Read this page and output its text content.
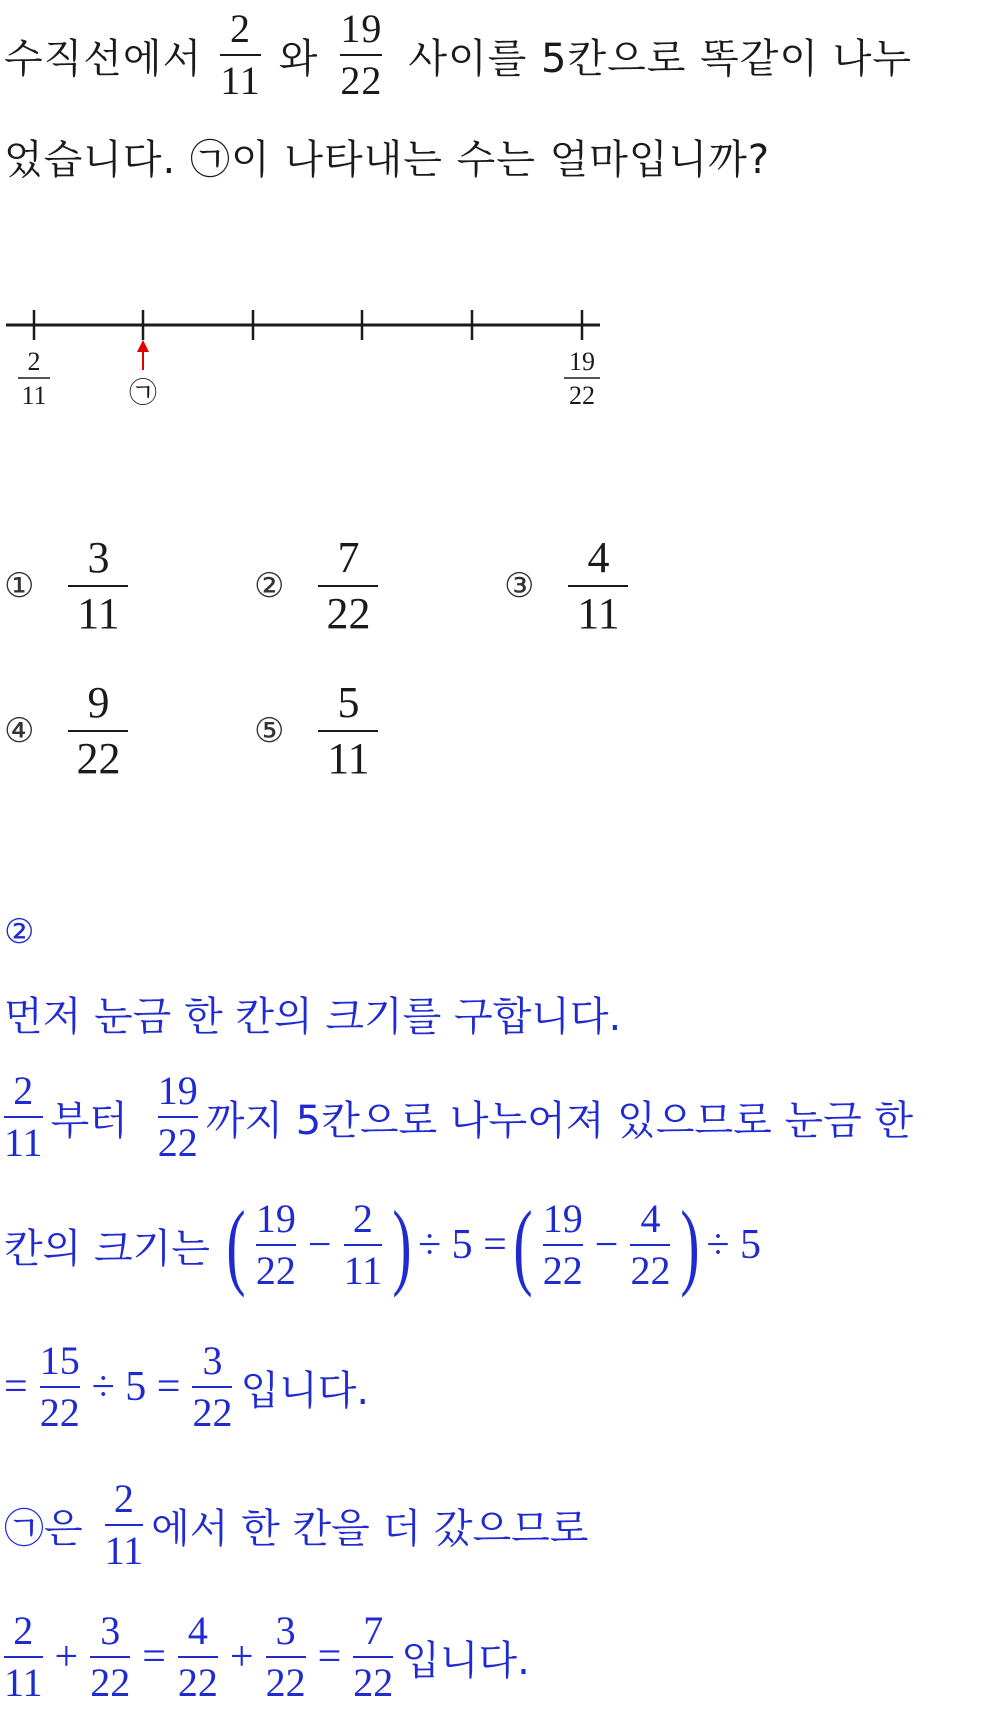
수직선에서 $\frac{2}{11}$ 와 $\frac{19}{22}$ 사이를 5칸으로 똑같이 나누
었습니다. ㉠이 나타내는 수는 얼마입니까?
2
11
19
22
㉠
① $\frac{3}{11}$	② $\frac{7}{22}$	③ $\frac{4}{11}$
④ $\frac{9}{22}$	⑤ $\frac{5}{11}$
②
먼저 눈금 한 칸의 크기를 구합니다.
$\frac{2}{11}$ 부터 $\frac{19}{22}$ 까지 5칸으로 나누어져 있으므로 눈금 한
칸의 크기는 ( $\frac{19}{22} - \frac{2}{11}$ ) ÷ 5 = ( $\frac{19}{22} - \frac{4}{22}$ ) ÷ 5
= $\frac{15}{22} \div 5 = \frac{3}{22}$ 입니다.
㉠은 $\frac{2}{11}$ 에서 한 칸을 더 갔으므로
$\frac{2}{11} + \frac{3}{22} = \frac{4}{22} + \frac{3}{22} = \frac{7}{22}$ 입니다.
